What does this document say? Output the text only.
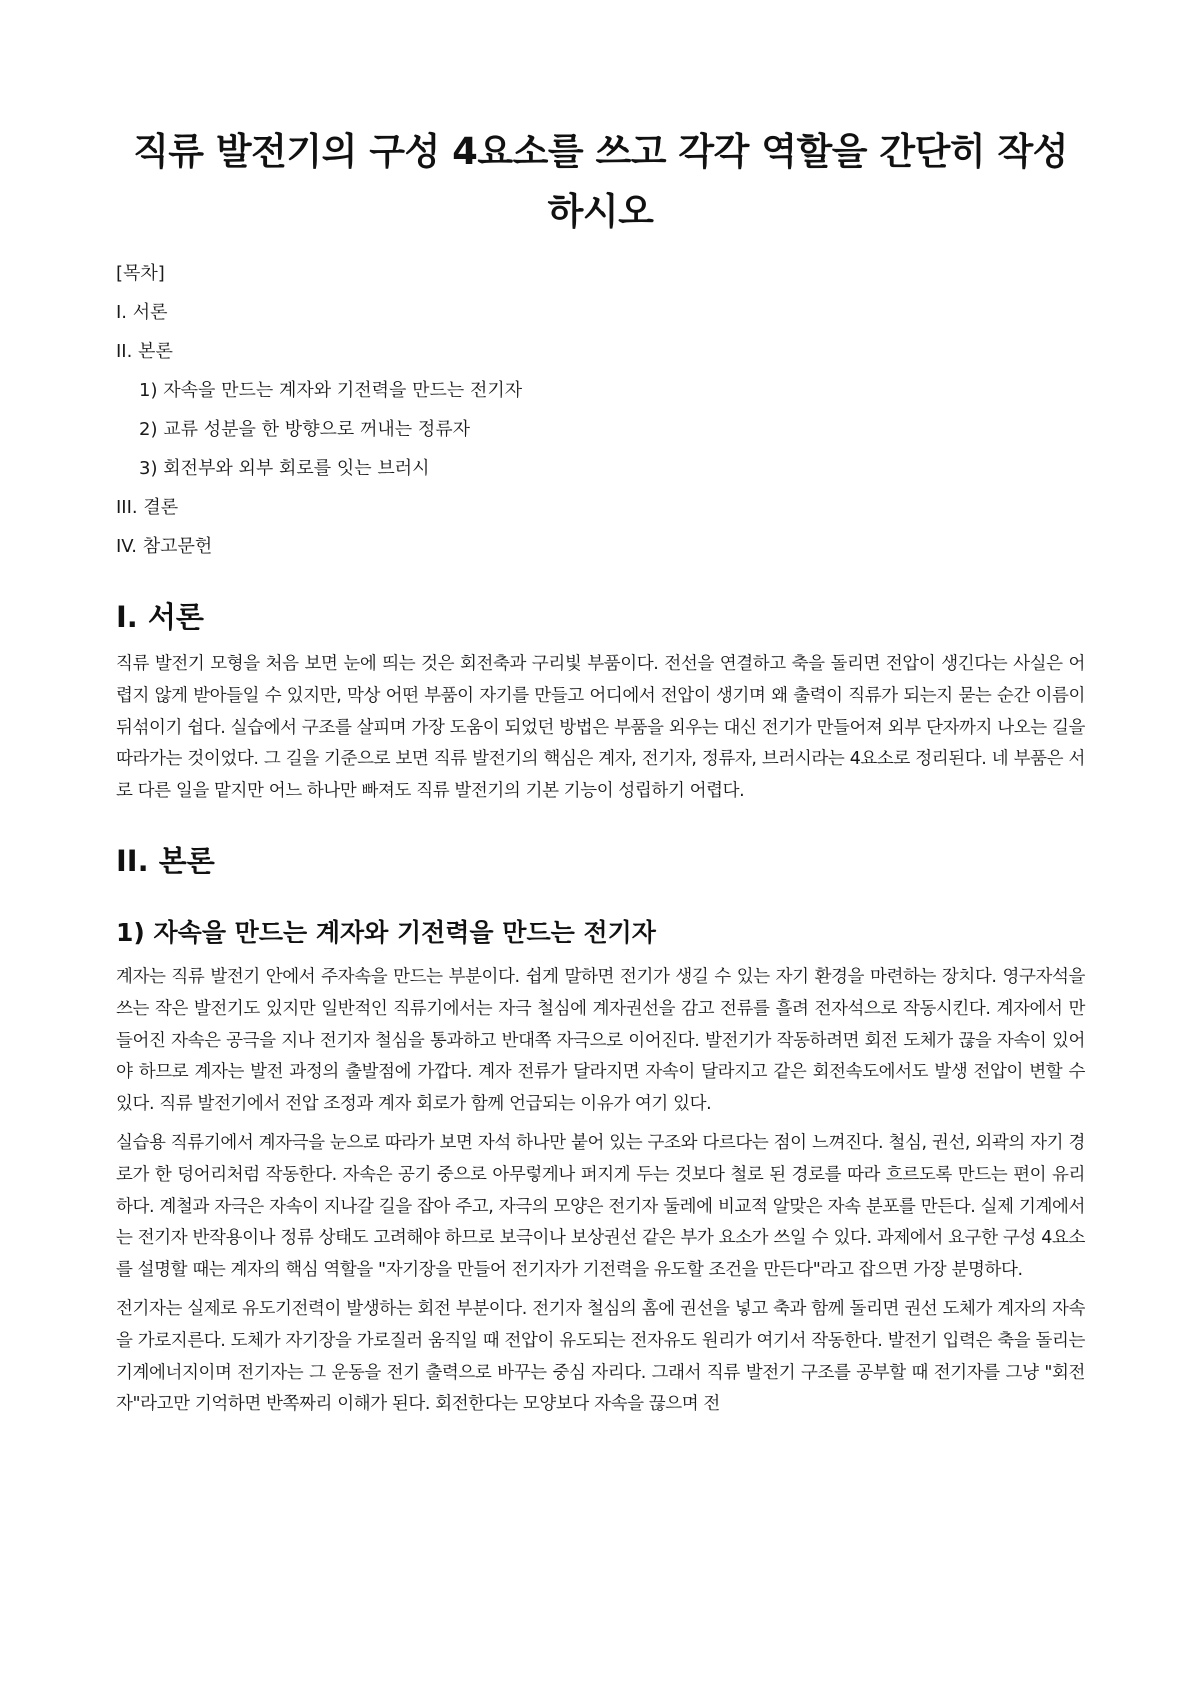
직류 발전기의 구성 4요소를 쓰고 각각 역할을 간단히 작성하시오
[목차]
I. 서론
II. 본론
1) 자속을 만드는 계자와 기전력을 만드는 전기자
2) 교류 성분을 한 방향으로 꺼내는 정류자
3) 회전부와 외부 회로를 잇는 브러시
III. 결론
IV. 참고문헌
I. 서론

직류 발전기 모형을 처음 보면 눈에 띄는 것은 회전축과 구리빛 부품이다. 전선을 연결하고 축을 돌리면 전압이 생긴다는 사실은 어렵지 않게 받아들일 수 있지만, 막상 어떤 부품이 자기를 만들고 어디에서 전압이 생기며 왜 출력이 직류가 되는지 묻는 순간 이름이 뒤섞이기 쉽다. 실습에서 구조를 살피며 가장 도움이 되었던 방법은 부품을 외우는 대신 전기가 만들어져 외부 단자까지 나오는 길을 따라가는 것이었다. 그 길을 기준으로 보면 직류 발전기의 핵심은 계자, 전기자, 정류자, 브러시라는 4요소로 정리된다. 네 부품은 서로 다른 일을 맡지만 어느 하나만 빠져도 직류 발전기의 기본 기능이 성립하기 어렵다.

II. 본론
1) 자속을 만드는 계자와 기전력을 만드는 전기자

계자는 직류 발전기 안에서 주자속을 만드는 부분이다. 쉽게 말하면 전기가 생길 수 있는 자기 환경을 마련하는 장치다. 영구자석을 쓰는 작은 발전기도 있지만 일반적인 직류기에서는 자극 철심에 계자권선을 감고 전류를 흘려 전자석으로 작동시킨다. 계자에서 만들어진 자속은 공극을 지나 전기자 철심을 통과하고 반대쪽 자극으로 이어진다. 발전기가 작동하려면 회전 도체가 끊을 자속이 있어야 하므로 계자는 발전 과정의 출발점에 가깝다. 계자 전류가 달라지면 자속이 달라지고 같은 회전속도에서도 발생 전압이 변할 수 있다. 직류 발전기에서 전압 조정과 계자 회로가 함께 언급되는 이유가 여기 있다.

실습용 직류기에서 계자극을 눈으로 따라가 보면 자석 하나만 붙어 있는 구조와 다르다는 점이 느껴진다. 철심, 권선, 외곽의 자기 경로가 한 덩어리처럼 작동한다. 자속은 공기 중으로 아무렇게나 퍼지게 두는 것보다 철로 된 경로를 따라 흐르도록 만드는 편이 유리하다. 계철과 자극은 자속이 지나갈 길을 잡아 주고, 자극의 모양은 전기자 둘레에 비교적 알맞은 자속 분포를 만든다. 실제 기계에서는 전기자 반작용이나 정류 상태도 고려해야 하므로 보극이나 보상권선 같은 부가 요소가 쓰일 수 있다. 과제에서 요구한 구성 4요소를 설명할 때는 계자의 핵심 역할을 "자기장을 만들어 전기자가 기전력을 유도할 조건을 만든다"라고 잡으면 가장 분명하다.

전기자는 실제로 유도기전력이 발생하는 회전 부분이다. 전기자 철심의 홈에 권선을 넣고 축과 함께 돌리면 권선 도체가 계자의 자속을 가로지른다. 도체가 자기장을 가로질러 움직일 때 전압이 유도되는 전자유도 원리가 여기서 작동한다. 발전기 입력은 축을 돌리는 기계에너지이며 전기자는 그 운동을 전기 출력으로 바꾸는 중심 자리다. 그래서 직류 발전기 구조를 공부할 때 전기자를 그냥 "회전자"라고만 기억하면 반쪽짜리 이해가 된다. 회전한다는 모양보다 자속을 끊으며 전
